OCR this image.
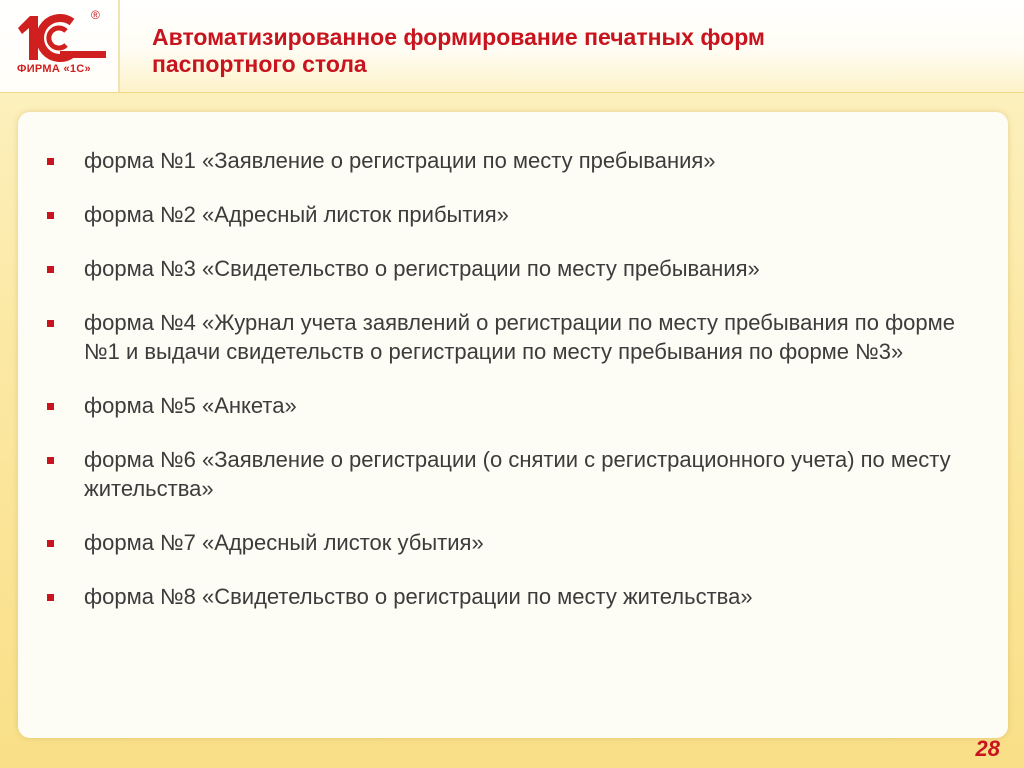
®
ФИРМА «1С»
Автоматизированное формирование печатных форм
паспортного стола
форма №1 «Заявление о регистрации по месту пребывания»
форма №2 «Адресный листок прибытия»
форма №3 «Свидетельство о регистрации по месту пребывания»
форма №4 «Журнал учета заявлений о регистрации по месту пребывания по форме №1 и выдачи свидетельств о регистрации по месту пребывания по форме №3»
форма №5 «Анкета»
форма №6 «Заявление о регистрации (о снятии с регистрационного учета) по месту жительства»
форма №7 «Адресный листок убытия»
форма №8 «Свидетельство о регистрации по месту жительства»
28
